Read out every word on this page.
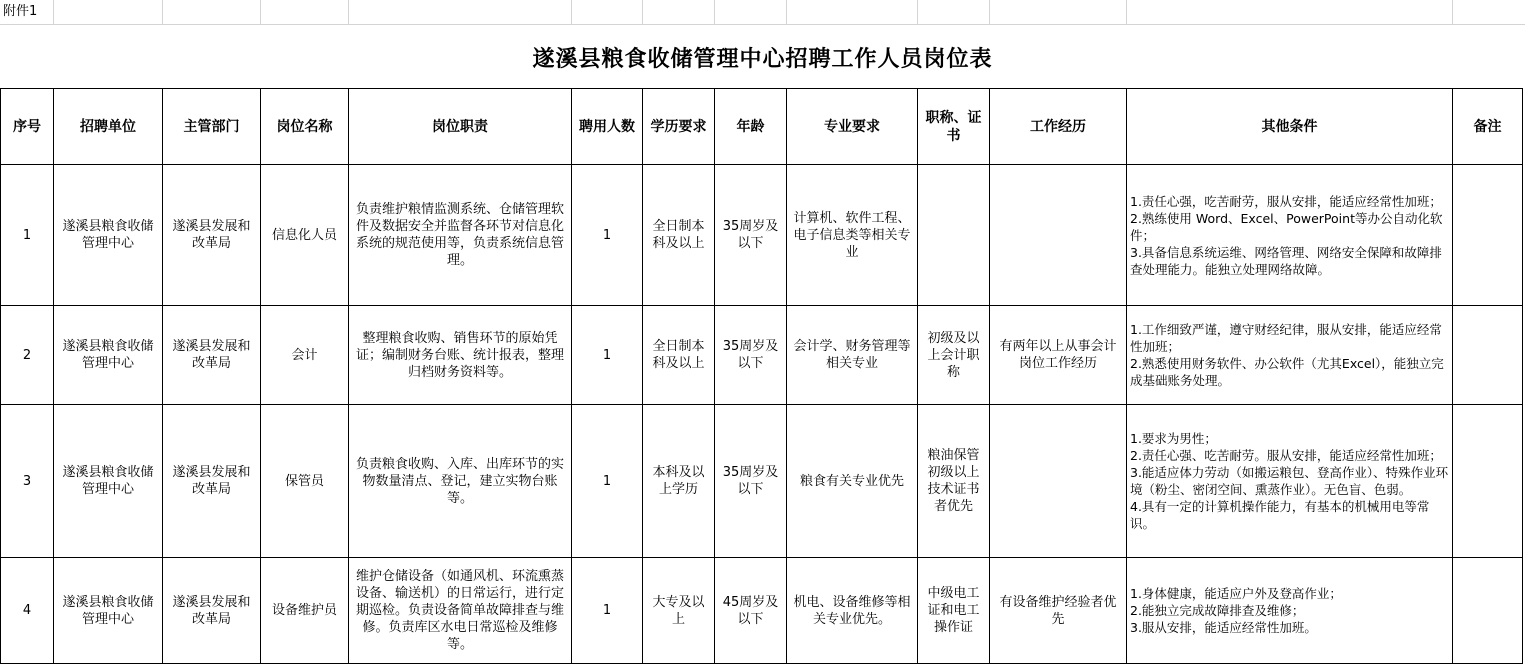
附件1
遂溪县粮食收储管理中心招聘工作人员岗位表
序号	招聘单位	主管部门	岗位名称	岗位职责	聘用人数	学历要求	年龄	专业要求	职称、证书	工作经历	其他条件	备注
1	遂溪县粮食收储管理中心	遂溪县发展和改革局	信息化人员	负责维护粮情监测系统、仓储管理软件及数据安全并监督各环节对信息化系统的规范使用等，负责系统信息管理。	1	全日制本科及以上	35周岁及以下	计算机、软件工程、电子信息类等相关专业			1.责任心强，吃苦耐劳，服从安排，能适应经常性加班；
2.熟练使用 Word、Excel、PowerPoint等办公自动化软件；
3.具备信息系统运维、网络管理、网络安全保障和故障排查处理能力。能独立处理网络故障。	

2	遂溪县粮食收储管理中心	遂溪县发展和改革局	会计	整理粮食收购、销售环节的原始凭证；编制财务台账、统计报表，整理归档财务资料等。	1	全日制本科及以上	35周岁及以下	会计学、财务管理等相关专业	初级及以上会计职称	有两年以上从事会计岗位工作经历	1.工作细致严谨，遵守财经纪律，服从安排，能适应经常性加班；
2.熟悉使用财务软件、办公软件（尤其Excel），能独立完成基础账务处理。	

3	遂溪县粮食收储管理中心	遂溪县发展和改革局	保管员	负责粮食收购、入库、出库环节的实物数量清点、登记，建立实物台账等。	1	本科及以上学历	35周岁及以下	粮食有关专业优先	粮油保管初级以上技术证书者优先		1.要求为男性；
2.责任心强、吃苦耐劳。服从安排，能适应经常性加班；
3.能适应体力劳动（如搬运粮包、登高作业）、特殊作业环境（粉尘、密闭空间、熏蒸作业）。无色盲、色弱。
4.具有一定的计算机操作能力，有基本的机械用电等常识。	

4	遂溪县粮食收储管理中心	遂溪县发展和改革局	设备维护员	维护仓储设备（如通风机、环流熏蒸设备、输送机）的日常运行，进行定期巡检。负责设备简单故障排查与维修。负责库区水电日常巡检及维修等。	1	大专及以上	45周岁及以下	机电、设备维修等相关专业优先。	中级电工证和电工操作证	有设备维护经验者优先	1.身体健康，能适应户外及登高作业；
2.能独立完成故障排查及维修；
3.服从安排，能适应经常性加班。	
